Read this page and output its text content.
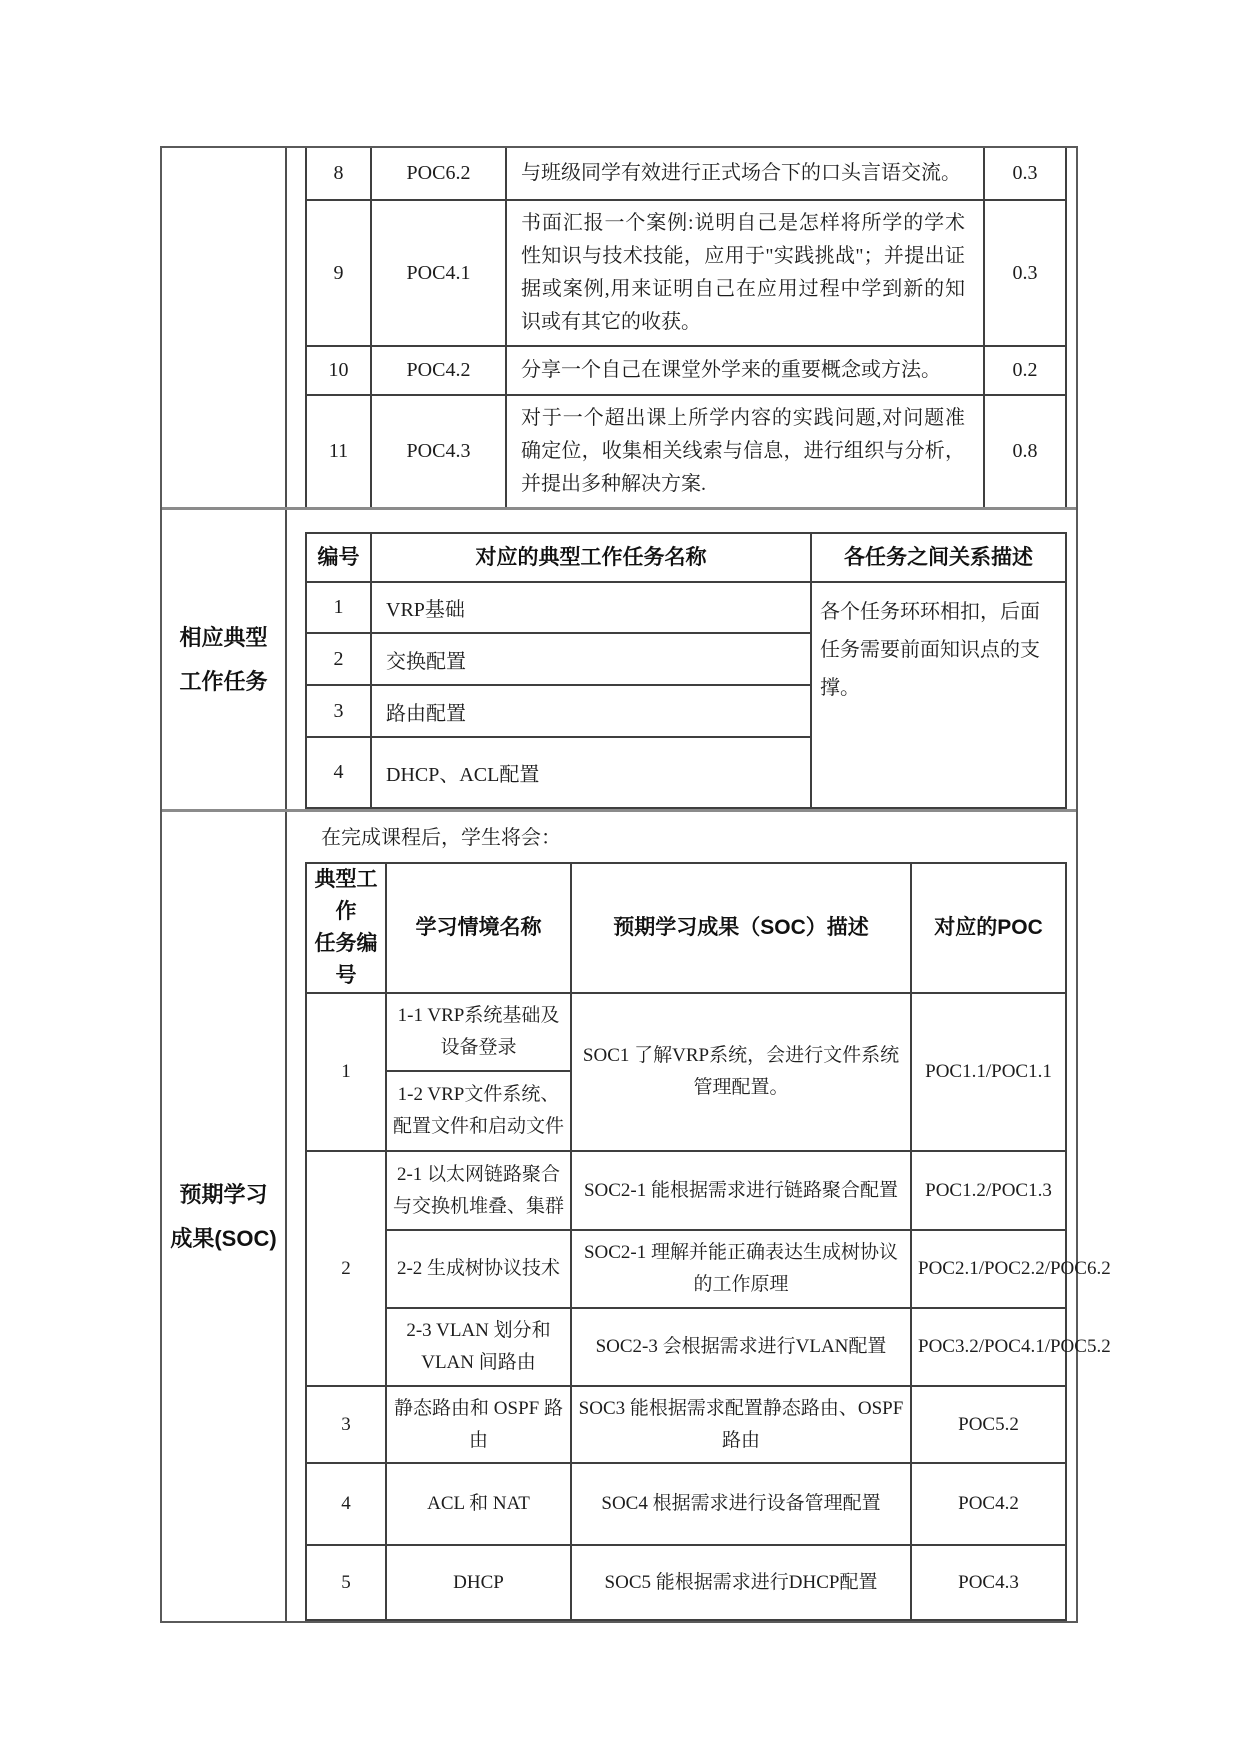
8	POC6.2	与班级同学有效进行正式场合下的口头言语交流。	0.3
9	POC4.1	书面汇报一个案例:说明自己是怎样将所学的学术性知识与技术技能，应用于"实践挑战"；并提出证据或案例,用来证明自己在应用过程中学到新的知识或有其它的收获。	0.3
10	POC4.2	分享一个自己在课堂外学来的重要概念或方法。	0.2
11	POC4.3	对于一个超出课上所学内容的实践问题,对问题准确定位，收集相关线索与信息，进行组织与分析，并提出多种解决方案.	0.8
相应典型
工作任务
编号	对应的典型工作任务名称	各任务之间关系描述
1	VRP基础	各个任务环环相扣，后面任务需要前面知识点的支撑。
2	交换配置	
3	路由配置	
4	DHCP、ACL配置	
预期学习
成果(SOC)
在完成课程后，学生将会：
典型工作
任务编号	学习情境名称	预期学习成果（SOC）描述	对应的POC
1	1-1 VRP系统基础及设备登录	SOC1 了解VRP系统，会进行文件系统管理配置。	POC1.1/POC1.1
	1-2 VRP文件系统、配置文件和启动文件		
2	2-1 以太网链路聚合与交换机堆叠、集群	SOC2-1 能根据需求进行链路聚合配置	POC1.2/POC1.3
	2-2 生成树协议技术	SOC2-1 理解并能正确表达生成树协议的工作原理	POC2.1/POC2.2/POC6.2
	2-3 VLAN 划分和 VLAN 间路由	SOC2-3 会根据需求进行VLAN配置	POC3.2/POC4.1/POC5.2
3	静态路由和 OSPF 路由	SOC3 能根据需求配置静态路由、OSPF路由	POC5.2
4	ACL 和 NAT	SOC4 根据需求进行设备管理配置	POC4.2
5	DHCP	SOC5 能根据需求进行DHCP配置	POC4.3
